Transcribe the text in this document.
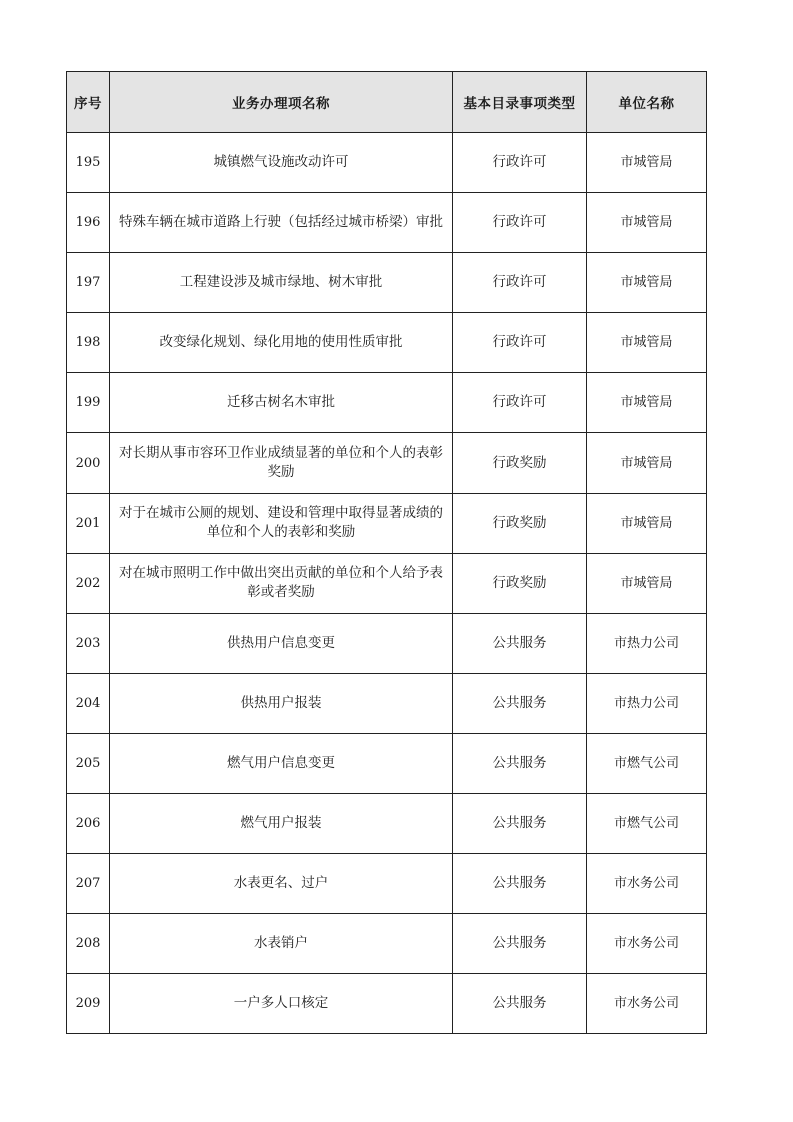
序号	业务办理项名称	基本目录事项类型	单位名称
195	城镇燃气设施改动许可	行政许可	市城管局
196	特殊车辆在城市道路上行驶（包括经过城市桥梁）审批	行政许可	市城管局
197	工程建设涉及城市绿地、树木审批	行政许可	市城管局
198	改变绿化规划、绿化用地的使用性质审批	行政许可	市城管局
199	迁移古树名木审批	行政许可	市城管局
200	对长期从事市容环卫作业成绩显著的单位和个人的表彰奖励	行政奖励	市城管局
201	对于在城市公厕的规划、建设和管理中取得显著成绩的单位和个人的表彰和奖励	行政奖励	市城管局
202	对在城市照明工作中做出突出贡献的单位和个人给予表彰或者奖励	行政奖励	市城管局
203	供热用户信息变更	公共服务	市热力公司
204	供热用户报装	公共服务	市热力公司
205	燃气用户信息变更	公共服务	市燃气公司
206	燃气用户报装	公共服务	市燃气公司
207	水表更名、过户	公共服务	市水务公司
208	水表销户	公共服务	市水务公司
209	一户多人口核定	公共服务	市水务公司
